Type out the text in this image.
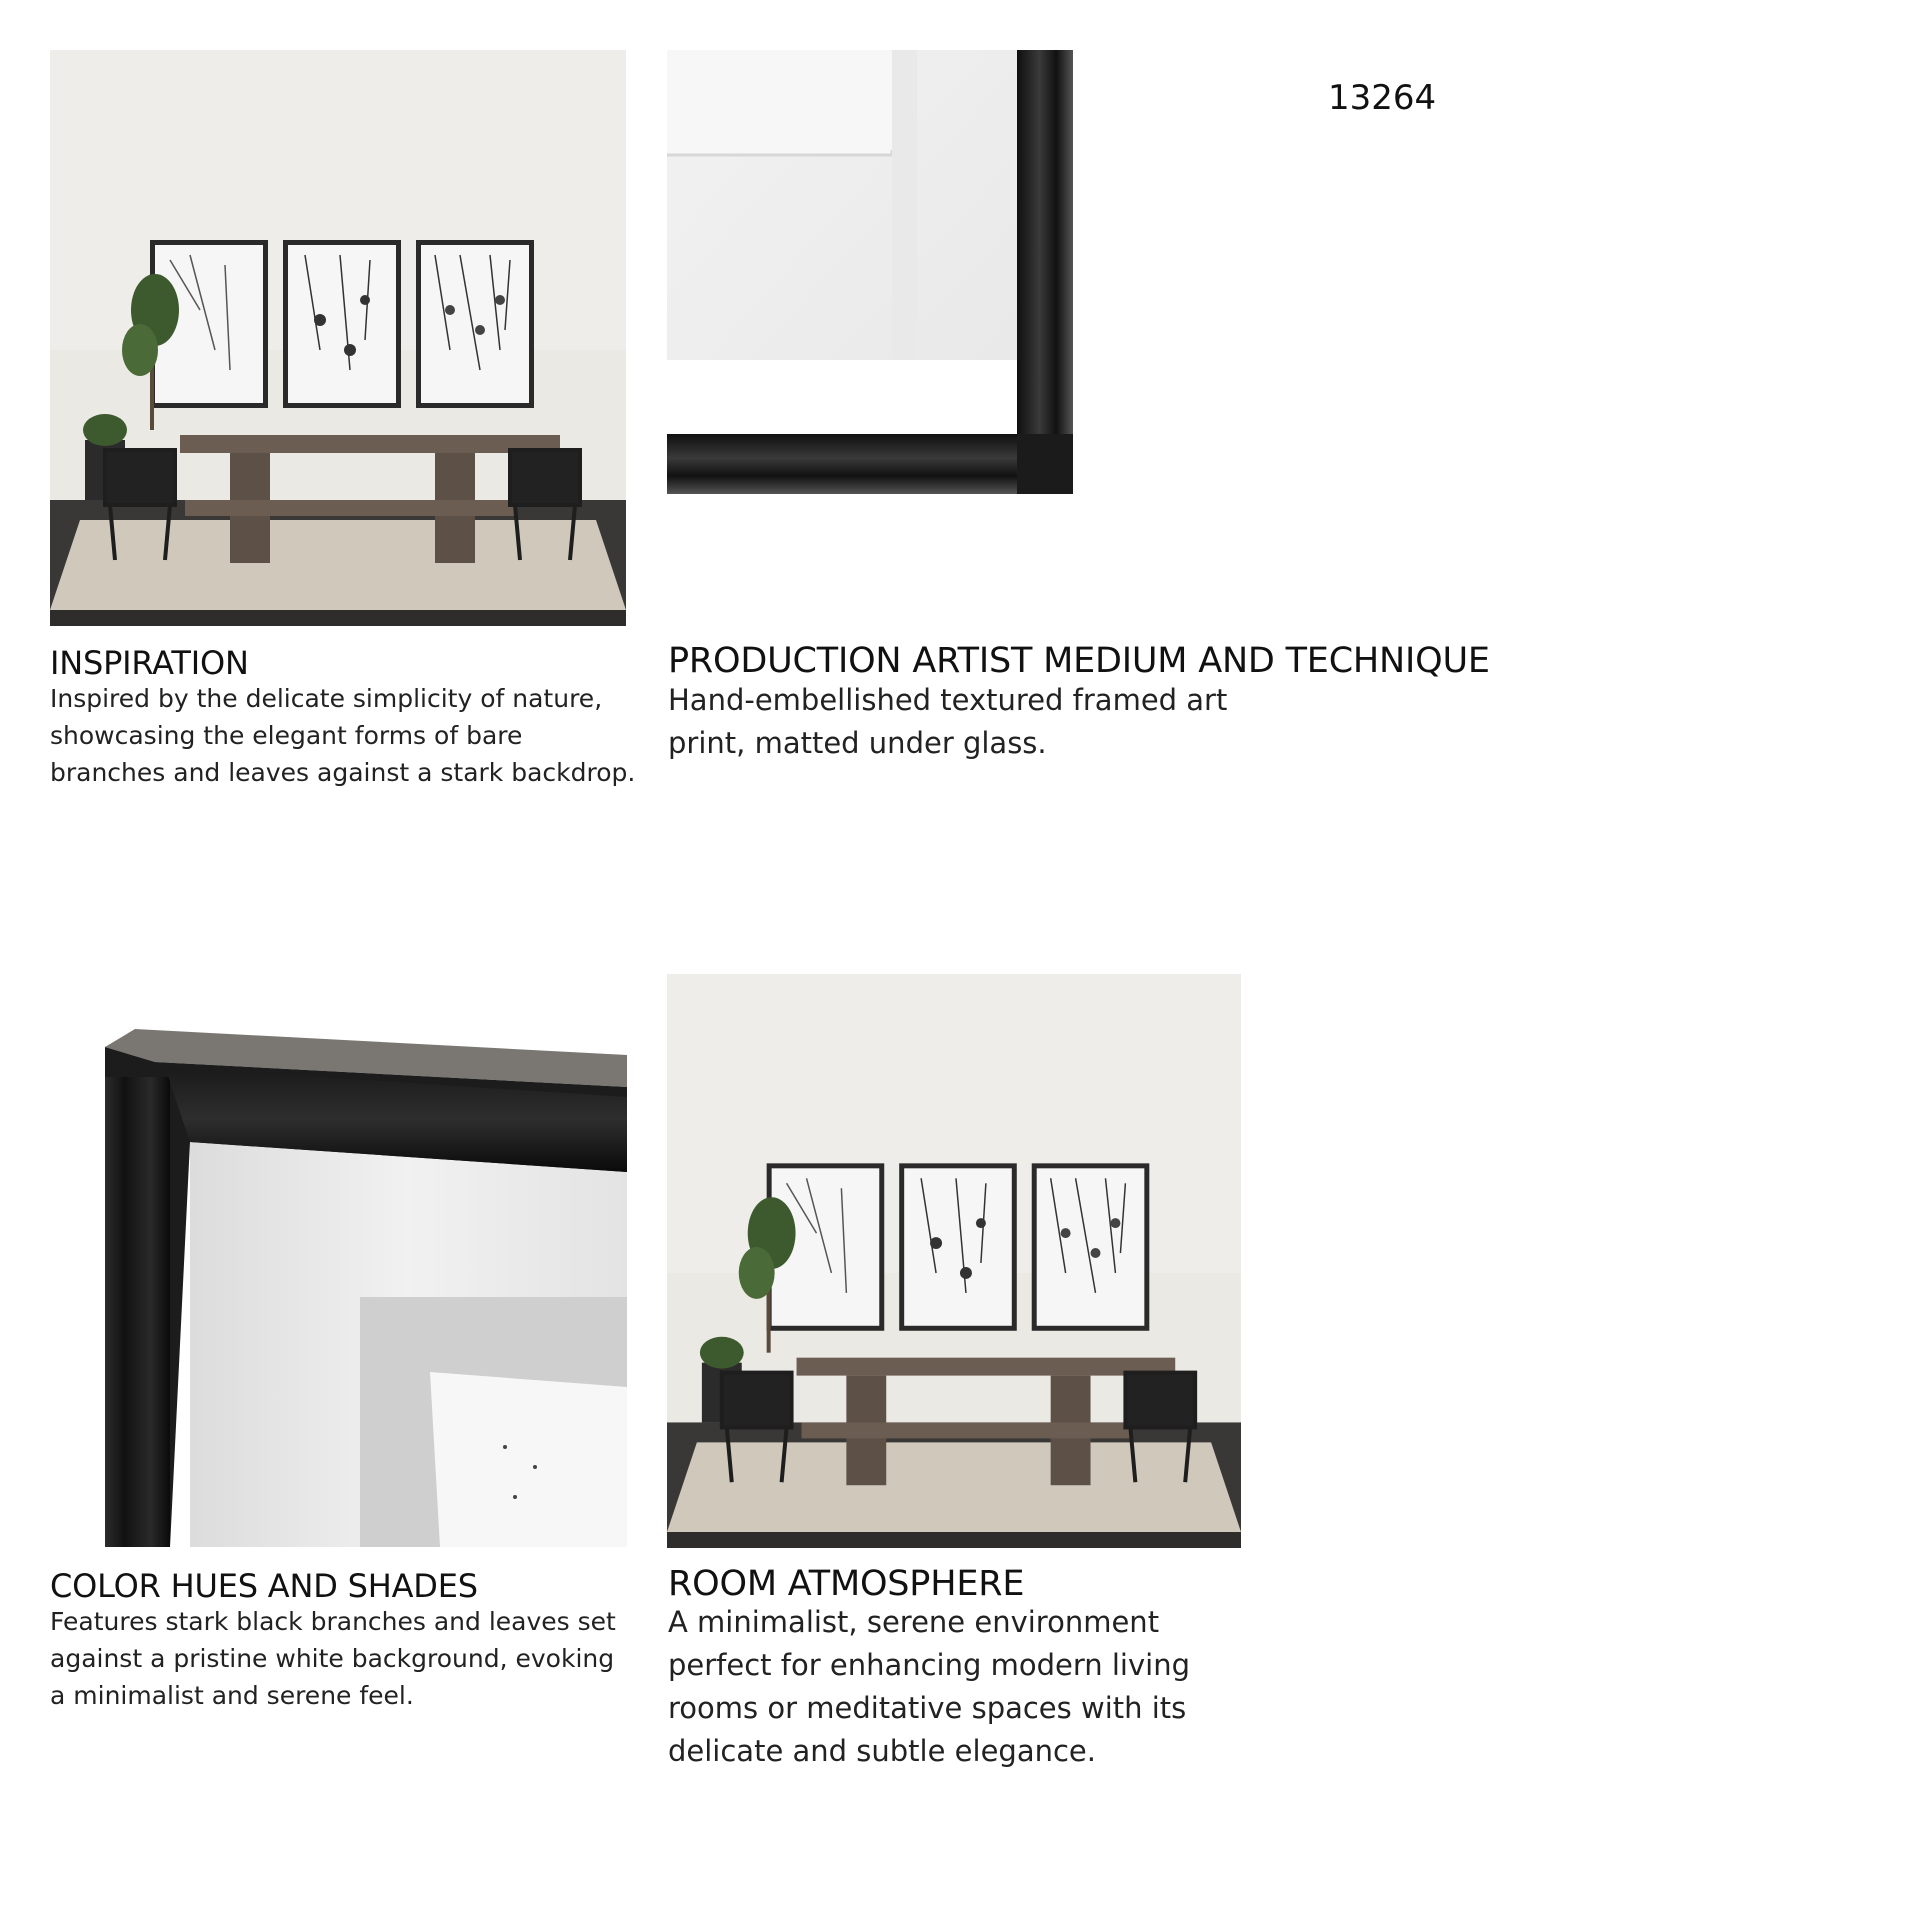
13264
INSPIRATION
Inspired by the delicate simplicity of nature,
showcasing the elegant forms of bare
branches and leaves against a stark backdrop.
PRODUCTION ARTIST MEDIUM AND TECHNIQUE
Hand-embellished textured framed art
print, matted under glass.
COLOR HUES AND SHADES
Features stark black branches and leaves set
against a pristine white background, evoking
a minimalist and serene feel.
ROOM ATMOSPHERE
A minimalist, serene environment
perfect for enhancing modern living
rooms or meditative spaces with its
delicate and subtle elegance.
